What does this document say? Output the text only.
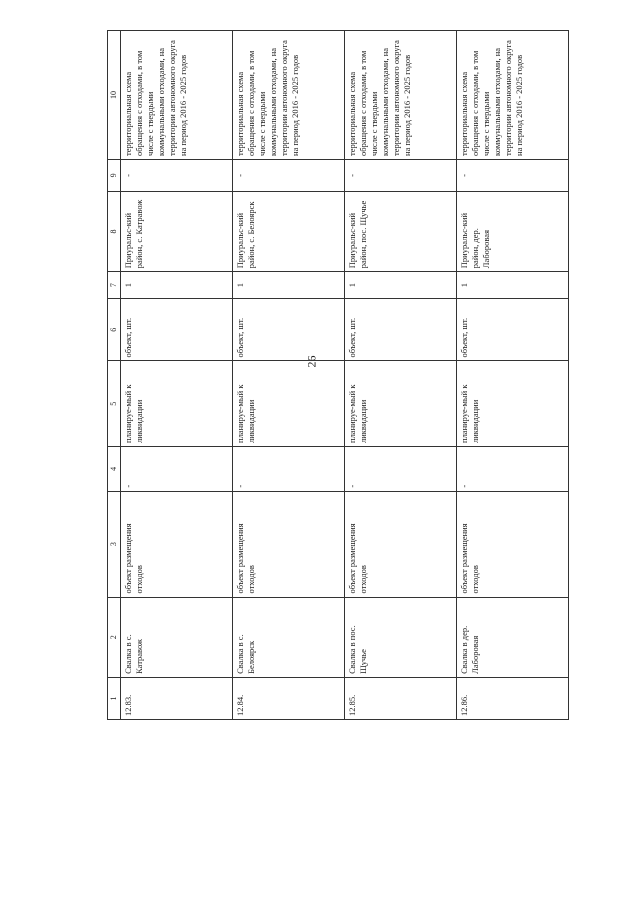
26
1	2	3	4	5	6	7	8	9	10
12.83.	Свалка в с. Катравож	объект размещения отходов	-	планируе-мый к ликвидации	объект, шт.	1	Приуральс-кий район, с. Катравож	-	территориальная схема обращения с отходами, в том числе с твердыми коммунальными отходами, на территории автономного округа на период 2016 - 2025 годов
12.84.	Свалка в с. Белоярск	объект размещения отходов	-	планируе-мый к ликвидации	объект, шт.	1	Приуральс-кий район, с. Белоярск	-	территориальная схема обращения с отходами, в том числе с твердыми коммунальными отходами, на территории автономного округа на период 2016 - 2025 годов
12.85.	Свалка в пос. Щучье	объект размещения отходов	-	планируе-мый к ликвидации	объект, шт.	1	Приуральс-кий район, пос. Щучье	-	территориальная схема обращения с отходами, в том числе с твердыми коммунальными отходами, на территории автономного округа на период 2016 - 2025 годов
12.86.	Свалка в дер. Лаборовая	объект размещения отходов	-	планируе-мый к ликвидации	объект, шт.	1	Приуральс-кий район, дер. Лаборовая	-	территориальная схема обращения с отходами, в том числе с твердыми коммунальными отходами, на территории автономного округа на период 2016 - 2025 годов
